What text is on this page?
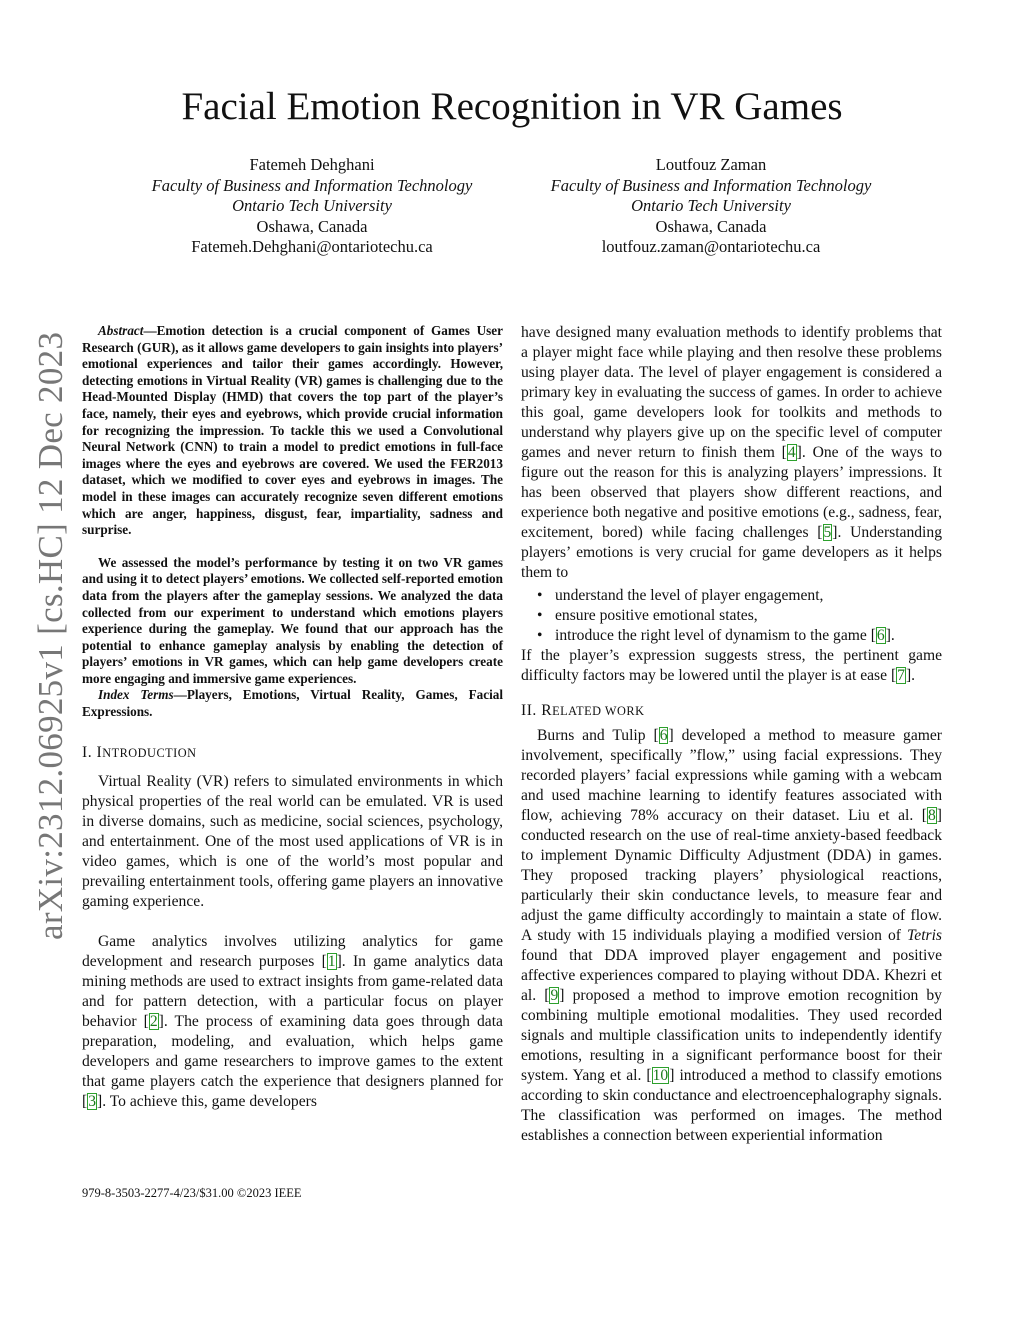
Facial Emotion Recognition in VR Games
Fatemeh Dehghani
Faculty of Business and Information Technology
Ontario Tech University
Oshawa, Canada
Fatemeh.Dehghani@ontariotechu.ca
Loutfouz Zaman
Faculty of Business and Information Technology
Ontario Tech University
Oshawa, Canada
loutfouz.zaman@ontariotechu.ca
arXiv:2312.06925v1 [cs.HC] 12 Dec 2023

Abstract—Emotion detection is a crucial component of Games User Research (GUR), as it allows game developers to gain insights into players’ emotional experiences and tailor their games accordingly. However, detecting emotions in Virtual Reality (VR) games is challenging due to the Head-Mounted Display (HMD) that covers the top part of the player’s face, namely, their eyes and eyebrows, which provide crucial information for recognizing the impression. To tackle this we used a Convolutional Neural Network (CNN) to train a model to predict emotions in full-face images where the eyes and eyebrows are covered. We used the FER2013 dataset, which we modified to cover eyes and eyebrows in images. The model in these images can accurately recognize seven different emotions which are anger, happiness, disgust, fear, impartiality, sadness and surprise.

We assessed the model’s performance by testing it on two VR games and using it to detect players’ emotions. We collected self-reported emotion data from the players after the gameplay sessions. We analyzed the data collected from our experiment to understand which emotions players experience during the gameplay. We found that our approach has the potential to enhance gameplay analysis by enabling the detection of players’ emotions in VR games, which can help game developers create more engaging and immersive game experiences.

Index Terms—Players, Emotions, Virtual Reality, Games, Facial Expressions.

I. INTRODUCTION

Virtual Reality (VR) refers to simulated environments in which physical properties of the real world can be emulated. VR is used in diverse domains, such as medicine, social sciences, psychology, and entertainment. One of the most used applications of VR is in video games, which is one of the world’s most popular and prevailing entertainment tools, offering game players an innovative gaming experience.

Game analytics involves utilizing analytics for game development and research purposes [1]. In game analytics data mining methods are used to extract insights from game-related data and for pattern detection, with a particular focus on player behavior [2]. The process of examining data goes through data preparation, modeling, and evaluation, which helps game developers and game researchers to improve games to the extent that game players catch the experience that designers planned for [3]. To achieve this, game developers

have designed many evaluation methods to identify problems that a player might face while playing and then resolve these problems using player data. The level of player engagement is considered a primary key in evaluating the success of games. In order to achieve this goal, game developers look for toolkits and methods to understand why players give up on the specific level of computer games and never return to finish them [4]. One of the ways to figure out the reason for this is analyzing players’ impressions. It has been observed that players show different reactions, and experience both negative and positive emotions (e.g., sadness, fear, excitement, bored) while facing challenges [5]. Understanding players’ emotions is very crucial for game developers as it helps them to

• understand the level of player engagement,
• ensure positive emotional states,
• introduce the right level of dynamism to the game [6].

If the player’s expression suggests stress, the pertinent game difficulty factors may be lowered until the player is at ease [7].

II. RELATED WORK

Burns and Tulip [6] developed a method to measure gamer involvement, specifically ”flow,” using facial expressions. They recorded players’ facial expressions while gaming with a webcam and used machine learning to identify features associated with flow, achieving 78% accuracy on their dataset. Liu et al. [8] conducted research on the use of real-time anxiety-based feedback to implement Dynamic Difficulty Adjustment (DDA) in games. They proposed tracking players’ physiological reactions, particularly their skin conductance levels, to measure fear and adjust the game difficulty accordingly to maintain a state of flow. A study with 15 individuals playing a modified version of Tetris found that DDA improved player engagement and positive affective experiences compared to playing without DDA. Khezri et al. [9] proposed a method to improve emotion recognition by combining multiple emotional modalities. They used recorded signals and multiple classification units to independently identify emotions, resulting in a significant performance boost for their system. Yang et al. [10] introduced a method to classify emotions according to skin conductance and electroencephalography signals. The classification was performed on images. The method establishes a connection between experiential information

979-8-3503-2277-4/23/$31.00 ©2023 IEEE
